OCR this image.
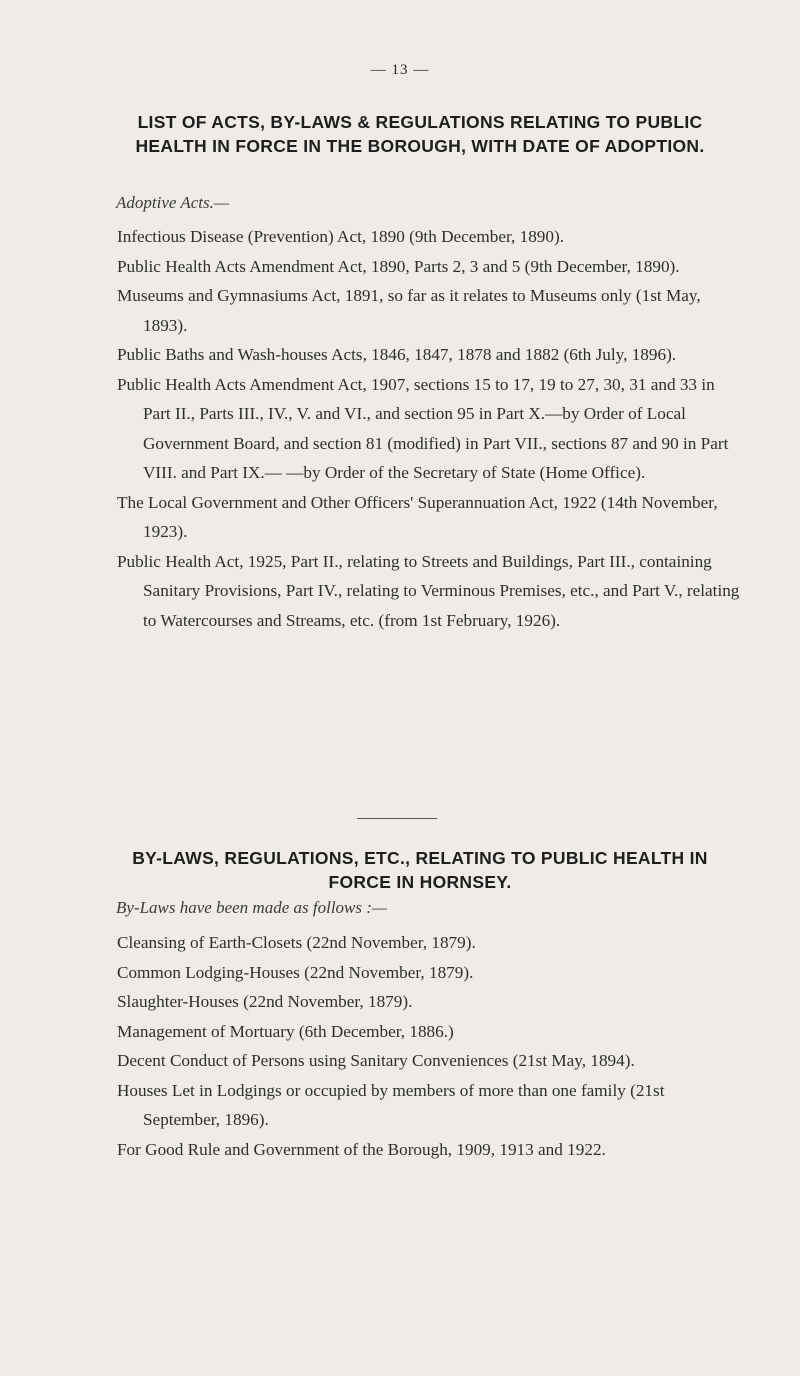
— 13 —
LIST OF ACTS, BY-LAWS & REGULATIONS RELATING TO PUBLIC HEALTH IN FORCE IN THE BOROUGH, WITH DATE OF ADOPTION.
Adoptive Acts.—
Infectious Disease (Prevention) Act, 1890 (9th December, 1890).
Public Health Acts Amendment Act, 1890, Parts 2, 3 and 5 (9th December, 1890).
Museums and Gymnasiums Act, 1891, so far as it relates to Museums only (1st May, 1893).
Public Baths and Wash-houses Acts, 1846, 1847, 1878 and 1882 (6th July, 1896).
Public Health Acts Amendment Act, 1907, sections 15 to 17, 19 to 27, 30, 31 and 33 in Part II., Parts III., IV., V. and VI., and section 95 in Part X.—by Order of Local Government Board, and section 81 (modified) in Part VII., sections 87 and 90 in Part VIII. and Part IX.— —by Order of the Secretary of State (Home Office).
The Local Government and Other Officers' Superannuation Act, 1922 (14th November, 1923).
Public Health Act, 1925, Part II., relating to Streets and Buildings, Part III., containing Sanitary Provisions, Part IV., relating to Verminous Premises, etc., and Part V., relating to Watercourses and Streams, etc. (from 1st February, 1926).
BY-LAWS, REGULATIONS, ETC., RELATING TO PUBLIC HEALTH IN FORCE IN HORNSEY.
By-Laws have been made as follows :—
Cleansing of Earth-Closets (22nd November, 1879).
Common Lodging-Houses (22nd November, 1879).
Slaughter-Houses (22nd November, 1879).
Management of Mortuary (6th December, 1886.)
Decent Conduct of Persons using Sanitary Conveniences (21st May, 1894).
Houses Let in Lodgings or occupied by members of more than one family (21st September, 1896).
For Good Rule and Government of the Borough, 1909, 1913 and 1922.
